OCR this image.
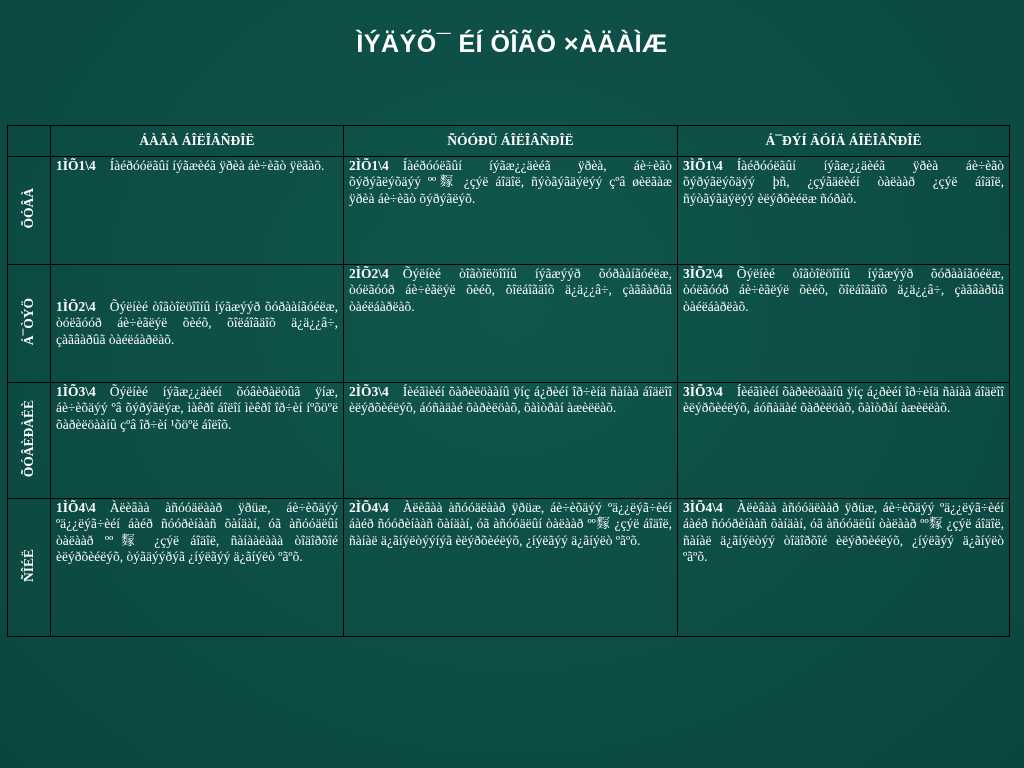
ÌÝÄÝÕ¯ ÉÍ ÖÎÃÖ ×ÀÄÀÌÆ
	ÁÀÃÀ ÁÎËÎÂÑÐÎË	ÑÓÓÐÜ ÁÎËÎÂÑÐÎË	Á¯ÐÝÍ ÄÓÍÄ ÁÎËÎÂÑÐÎË
ÕÓÂÀ	1ÌÕ1\4 Íàéðóóëãûí íýãæèéã ÿðèà áè÷èãò ÿëãàõ.	2ÌÕ1\4 Íàéðóóëãûí íýãæ¿¿äèéã ÿðèà, áè÷èãò õýðýãëýõäýý ºº䴿 ¿çýë áîäîë, ñýòãýãäýëýý çºâ øèëãàæ ÿðèà áè÷èãò õýðýãëýõ.	3ÌÕ1\4 Íàéðóóëãûí íýãæ¿¿äèéã ÿðèà áè÷èãò õýðýãëýõäýý þñ, ¿çýãäëèéí òàëààð ¿çýë áîäîë, ñýòãýãäýëýý èëýðõèéëæ ñóðàõ.
Á¯ÒÝÖ	1ÌÕ2\4 Õýëíèé òîãòîëöîîíû íýãæýýð õóðààíãóéëæ, òóëãóóð áè÷èãëýë õèéõ, õîëáîãäîõ ä¿ä¿¿â÷, çàãâàðûã òàéëáàðëàõ.	2ÌÕ2\4 Õýëíèé òîãòîëöîîíû íýãæýýð õóðààíãóéëæ, òóëãóóð áè÷èãëýë õèéõ, õîëáîãäîõ ä¿ä¿¿â÷, çàãâàðûã òàéëáàðëàõ.	3ÌÕ2\4 Õýëíèé òîãòîëöîîíû íýãæýýð õóðààíãóéëæ, òóëãóóð áè÷èãëýë õèéõ, õîëáîãäîõ ä¿ä¿¿â÷, çàãâàðûã òàéëáàðëàõ.
ÕÓÂÈÐÀËÈ	1ÌÕ3\4 Õýëíèé íýãæ¿¿äèéí õóâèðàëòûã ÿíæ, áè÷èõäýý ºâ õýðýãëýæ, ìàêðî áîëîí ìèêðî îð÷èí íºõöºë õàðèëöààíû çºâ îð÷èí ¹õöºë áîëîõ.	2ÌÕ3\4 Íèéãìèéí õàðèëöààíû ÿíç á¿ðèéí îð÷èíä ñàíàà áîäëîî èëýðõèéëýõ, áóñàäàé õàðèëöàõ, õàìòðàí àæèëëàõ.	3ÌÕ3\4 Íèéãìèéí õàðèëöààíû ÿíç á¿ðèéí îð÷èíä ñàíàà áîäëîî èëýðõèéëýõ, áóñàäàé õàðèëöàõ, õàìòðàí àæèëëàõ.
ÑÎÉË	1ÌÕ4\4 Àëèâàà àñóóäëààð ÿðüæ, áè÷èõäýý ºä¿¿ëýã÷èéí áàéð ñóóðèíààñ õàíäàí, óã àñóóäëûí òàëààð ºº䴿 ¿çýë áîäîë, ñàíààëààà òîäîðõîé èëýðõèéëýõ, òýãäýýðýã ¿íýëãýý ä¿ãíýëò ºãºõ.	2ÌÕ4\4 Àëèâàà àñóóäëààð ÿðüæ, áè÷èõäýý ºä¿¿ëýã÷èéí áàéð ñóóðèíààñ õàíäàí, óã àñóóäëûí òàëààð ºº䴿 ¿çýë áîäîë, ñàíàë ä¿ãíýëòýýíýã èëýðõèéëýõ, ¿íýëãýý ä¿ãíýëò ºãºõ.	3ÌÕ4\4 Àëèâàà àñóóäëààð ÿðüæ, áè÷èõäýý ºä¿¿ëýã÷èéí áàéð ñóóðèíààñ õàíäàí, óã àñóóäëûí òàëààð ºº䴿 ¿çýë áîäîë, ñàíàë ä¿ãíýëòýý òîäîðõîé èëýðõèéëýõ, ¿íýëãýý ä¿ãíýëò ºãºõ.
